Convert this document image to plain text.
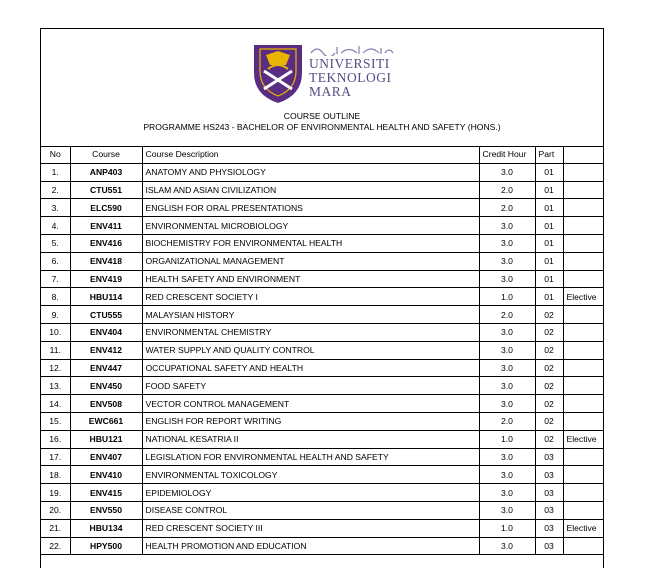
UNIVERSITI
TEKNOLOGI
MARA
COURSE OUTLINE
PROGRAMME HS243 - BACHELOR OF ENVIRONMENTAL HEALTH AND SAFETY (HONS.)
No	Course	Course Description	Credit Hour	Part	
1.	ANP403	ANATOMY AND PHYSIOLOGY	3.0	01	
2.	CTU551	ISLAM AND ASIAN CIVILIZATION	2.0	01	
3.	ELC590	ENGLISH FOR ORAL PRESENTATIONS	2.0	01	
4.	ENV411	ENVIRONMENTAL MICROBIOLOGY	3.0	01	
5.	ENV416	BIOCHEMISTRY FOR ENVIRONMENTAL HEALTH	3.0	01	
6.	ENV418	ORGANIZATIONAL MANAGEMENT	3.0	01	
7.	ENV419	HEALTH SAFETY AND ENVIRONMENT	3.0	01	
8.	HBU114	RED CRESCENT SOCIETY I	1.0	01	Elective
9.	CTU555	MALAYSIAN HISTORY	2.0	02	
10.	ENV404	ENVIRONMENTAL CHEMISTRY	3.0	02	
11.	ENV412	WATER SUPPLY AND QUALITY CONTROL	3.0	02	
12.	ENV447	OCCUPATIONAL SAFETY AND HEALTH	3.0	02	
13.	ENV450	FOOD SAFETY	3.0	02	
14.	ENV508	VECTOR CONTROL MANAGEMENT	3.0	02	
15.	EWC661	ENGLISH FOR REPORT WRITING	2.0	02	
16.	HBU121	NATIONAL KESATRIA II	1.0	02	Elective
17.	ENV407	LEGISLATION FOR ENVIRONMENTAL HEALTH AND SAFETY	3.0	03	
18.	ENV410	ENVIRONMENTAL TOXICOLOGY	3.0	03	
19.	ENV415	EPIDEMIOLOGY	3.0	03	
20.	ENV550	DISEASE CONTROL	3.0	03	
21.	HBU134	RED CRESCENT SOCIETY III	1.0	03	Elective
22.	HPY500	HEALTH PROMOTION AND EDUCATION	3.0	03	
